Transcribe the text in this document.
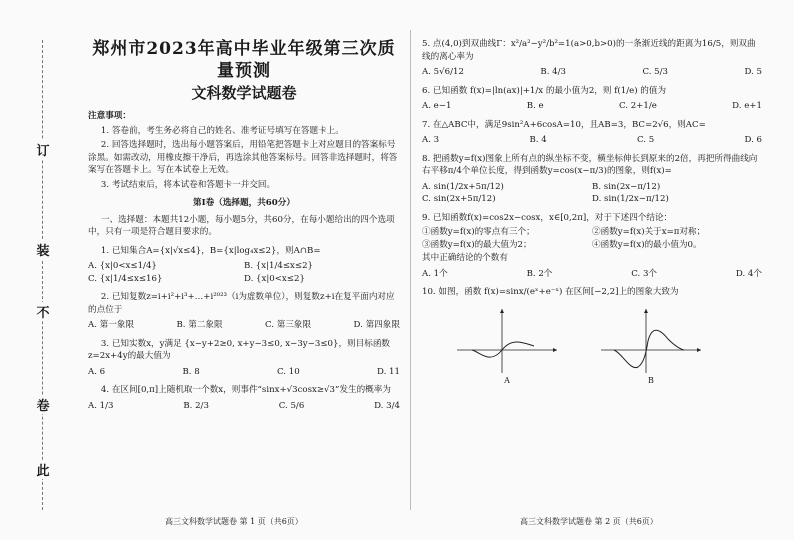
订
装
不
卷
此
郑州市2023年高中毕业年级第三次质量预测
文科数学试题卷

注意事项：

1. 答卷前，考生务必将自己的姓名、准考证号填写在答题卡上。

2. 回答选择题时，选出每小题答案后，用铅笔把答题卡上对应题目的答案标号涂黑。如需改动，用橡皮擦干净后，再选涂其他答案标号。回答非选择题时，将答案写在答题卡上。写在本试卷上无效。

3. 考试结束后，将本试卷和答题卡一并交回。

第Ⅰ卷（选择题，共60分）

一、选择题：本题共12小题，每小题5分，共60分，在每小题给出的四个选项中，只有一项是符合题目要求的。

1. 已知集合A={x|√x≤4}，B={x|log₄x≤2}，则A∩B=

A. {x|0<x≤1/4}	B. {x|1/4≤x≤2}
C. {x|1/4≤x≤16}	D. {x|0<x≤2}

2. 已知复数z=i+i²+i³+…+i²⁰²³（i为虚数单位），则复数z+i在复平面内对应的点位于

A. 第一象限	B. 第二象限	C. 第三象限	D. 第四象限

3. 已知实数x，y满足 {x−y+2≥0, x+y−3≤0, x−3y−3≤0}，则目标函数z=2x+4y的最大值为

A. 6	B. 8	C. 10	D. 11

4. 在区间[0,π]上随机取一个数x，则事件“sinx+√3cosx≥√3”发生的概率为

A. 1/3	B. 2/3	C. 5/6	D. 3/4
高三文科数学试题卷 第 1 页（共6页）

5. 点(4,0)到双曲线Γ：x²/a²−y²/b²=1(a>0,b>0)的一条渐近线的距离为16/5，则双曲线的离心率为

A. 5√6/12	B. 4/3	C. 5/3	D. 5

6. 已知函数 f(x)=|ln(ax)|+1/x 的最小值为2，则 f(1/e) 的值为

A. e−1	B. e	C. 2+1/e	D. e+1

7. 在△ABC中，满足9sin²A+6cosA=10，且AB=3，BC=2√6，则AC=

A. 3	B. 4	C. 5	D. 6

8. 把函数y=f(x)图象上所有点的纵坐标不变，横坐标伸长到原来的2倍，再把所得曲线向右平移π/4个单位长度，得到函数y=cos(x−π/3)的图象，则f(x)=

A. sin(1/2x+5π/12)	B. sin(2x−π/12)
C. sin(2x+5π/12)	D. sin(1/2x−π/12)

9. 已知函数f(x)=cos2x−cosx，x∈[0,2π]，对于下述四个结论：

①函数y=f(x)的零点有三个；	②函数y=f(x)关于x=π对称；
③函数y=f(x)的最大值为2；	④函数y=f(x)的最小值为0。

其中正确结论的个数有

A. 1个	B. 2个	C. 3个	D. 4个

10. 如图，函数 f(x)=sinx/(eˣ+e⁻ˣ) 在区间[−2,2]上的图象大致为

A	B
高三文科数学试题卷 第 2 页（共6页）
